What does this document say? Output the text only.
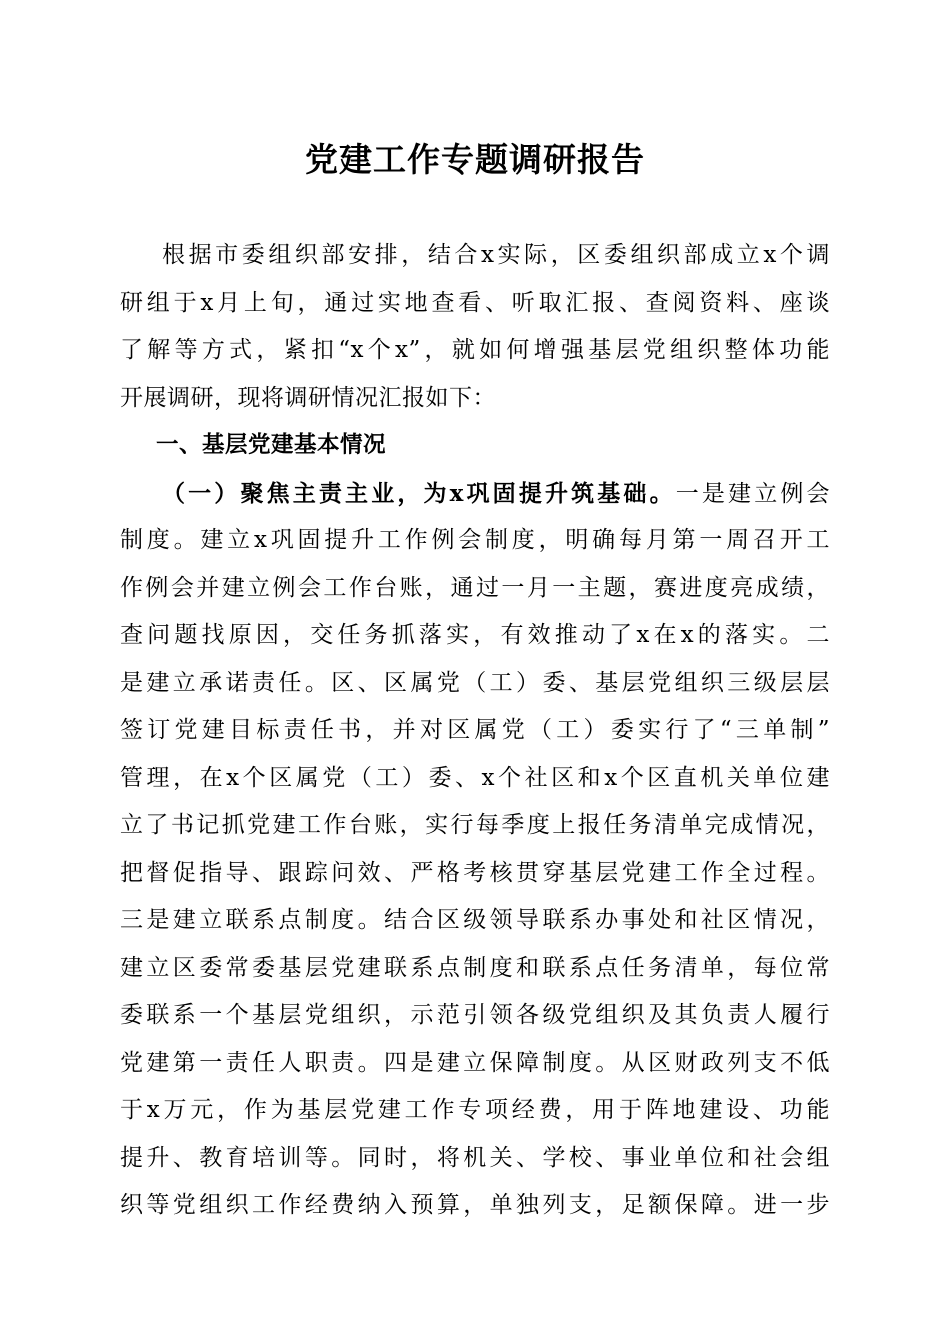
党建工作专题调研报告
根据市委组织部安排，结合x实际，区委组织部成立x个调
研组于x月上旬，通过实地查看、听取汇报、查阅资料、座谈
了解等方式，紧扣“x个x”，就如何增强基层党组织整体功能
开展调研，现将调研情况汇报如下：
一、基层党建基本情况
（一）聚焦主责主业，为x巩固提升筑基础。一是建立例会
制度。建立x巩固提升工作例会制度，明确每月第一周召开工
作例会并建立例会工作台账，通过一月一主题，赛进度亮成绩，
查问题找原因，交任务抓落实，有效推动了x在x的落实。二
是建立承诺责任。区、区属党（工）委、基层党组织三级层层
签订党建目标责任书，并对区属党（工）委实行了“三单制”
管理，在x个区属党（工）委、x个社区和x个区直机关单位建
立了书记抓党建工作台账，实行每季度上报任务清单完成情况，
把督促指导、跟踪问效、严格考核贯穿基层党建工作全过程。
三是建立联系点制度。结合区级领导联系办事处和社区情况，
建立区委常委基层党建联系点制度和联系点任务清单，每位常
委联系一个基层党组织，示范引领各级党组织及其负责人履行
党建第一责任人职责。四是建立保障制度。从区财政列支不低
于x万元，作为基层党建工作专项经费，用于阵地建设、功能
提升、教育培训等。同时，将机关、学校、事业单位和社会组
织等党组织工作经费纳入预算，单独列支，足额保障。进一步
